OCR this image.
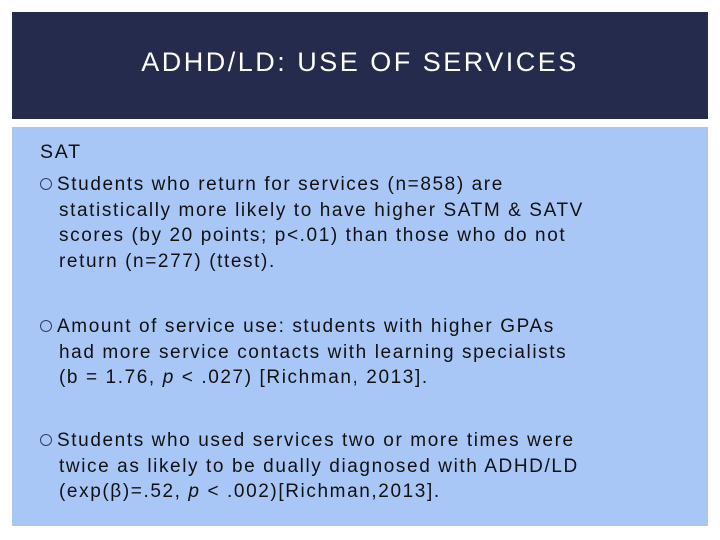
ADHD/LD: USE OF SERVICES
SAT
Students who return for services (n=858) are
statistically more likely to have higher SATM & SATV
scores (by 20 points; p<.01) than those who do not
return (n=277) (ttest).
Amount of service use: students with higher GPAs
had more service contacts with learning specialists
(b = 1.76, p < .027) [Richman, 2013].
Students who used services two or more times were
twice as likely to be dually diagnosed with ADHD/LD
(exp(β)=.52, p < .002)[Richman,2013].
